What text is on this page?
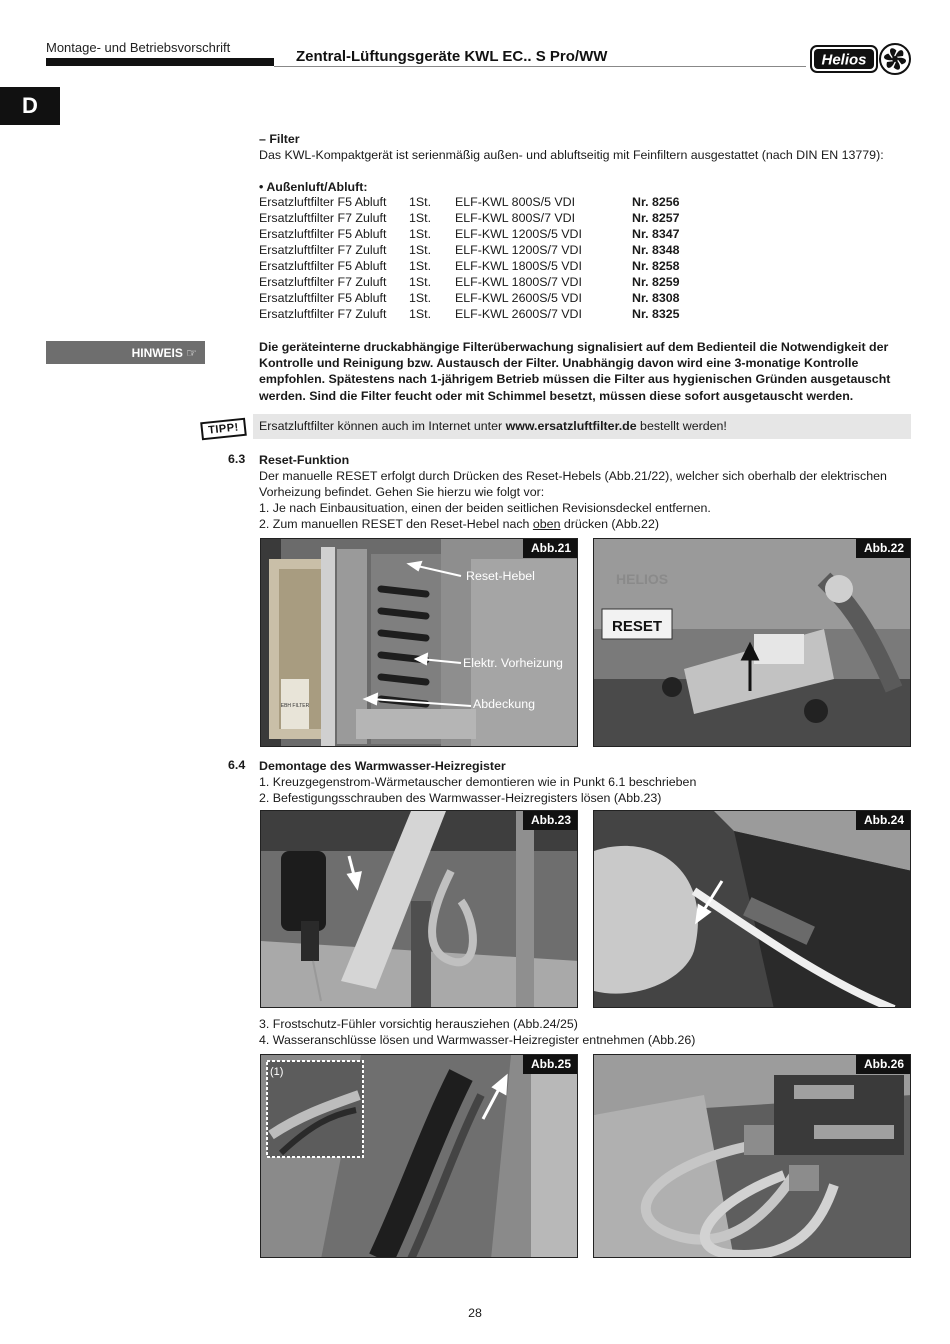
Montage- und Betriebsvorschrift
Zentral-Lüftungsgeräte KWL EC.. S Pro/WW	Helios
D
– Filter
Das KWL-Kompaktgerät ist serienmäßig außen- und abluftseitig mit Feinfiltern ausgestattet (nach DIN EN 13779):
• Außenluft/Abluft:
Ersatzluftfilter F5 Abluft	1St.	ELF-KWL 800S/5 VDI	Nr. 8256
Ersatzluftfilter F7 Zuluft	1St.	ELF-KWL 800S/7 VDI	Nr. 8257
Ersatzluftfilter F5 Abluft	1St.	ELF-KWL 1200S/5 VDI	Nr. 8347
Ersatzluftfilter F7 Zuluft	1St.	ELF-KWL 1200S/7 VDI	Nr. 8348
Ersatzluftfilter F5 Abluft	1St.	ELF-KWL 1800S/5 VDI	Nr. 8258
Ersatzluftfilter F7 Zuluft	1St.	ELF-KWL 1800S/7 VDI	Nr. 8259
Ersatzluftfilter F5 Abluft	1St.	ELF-KWL 2600S/5 VDI	Nr. 8308
Ersatzluftfilter F7 Zuluft	1St.	ELF-KWL 2600S/7 VDI	Nr. 8325
HINWEIS ☞	Die geräteinterne druckabhängige Filterüberwachung signalisiert auf dem Bedienteil die Notwendigkeit der Kontrolle und Reinigung bzw. Austausch der Filter. Unabhängig davon wird eine 3-monatige Kontrolle empfohlen. Spätestens nach 1-jährigem Betrieb müssen die Filter aus hygienischen Gründen ausgetauscht werden. Sind die Filter feucht oder mit Schimmel besetzt, müssen diese sofort ausgetauscht werden.
TIPP!	Ersatzluftfilter können auch im Internet unter www.ersatzluftfilter.de bestellt werden!
6.3 Reset-Funktion
Der manuelle RESET erfolgt durch Drücken des Reset-Hebels (Abb.21/22), welcher sich oberhalb der elektrischen Vorheizung befindet. Gehen Sie hierzu wie folgt vor:
1. Je nach Einbausituation, einen der beiden seitlichen Revisionsdeckel entfernen.
2. Zum manuellen RESET den Reset-Hebel nach oben drücken (Abb.22)
EBH FILTER
Abb.21
Reset-Hebel
Elektr. Vorheizung
Abdeckung
HELIOS
RESET
Abb.22
6.4 Demontage des Warmwasser-Heizregister
1. Kreuzgegenstrom-Wärmetauscher demontieren wie in Punkt 6.1 beschrieben
2. Befestigungsschrauben des Warmwasser-Heizregisters lösen (Abb.23)
Abb.23	Abb.24
3. Frostschutz-Fühler vorsichtig herausziehen (Abb.24/25)
4. Wasseranschlüsse lösen und Warmwasser-Heizregister entnehmen (Abb.26)
(1)
Abb.25	Abb.26
28
